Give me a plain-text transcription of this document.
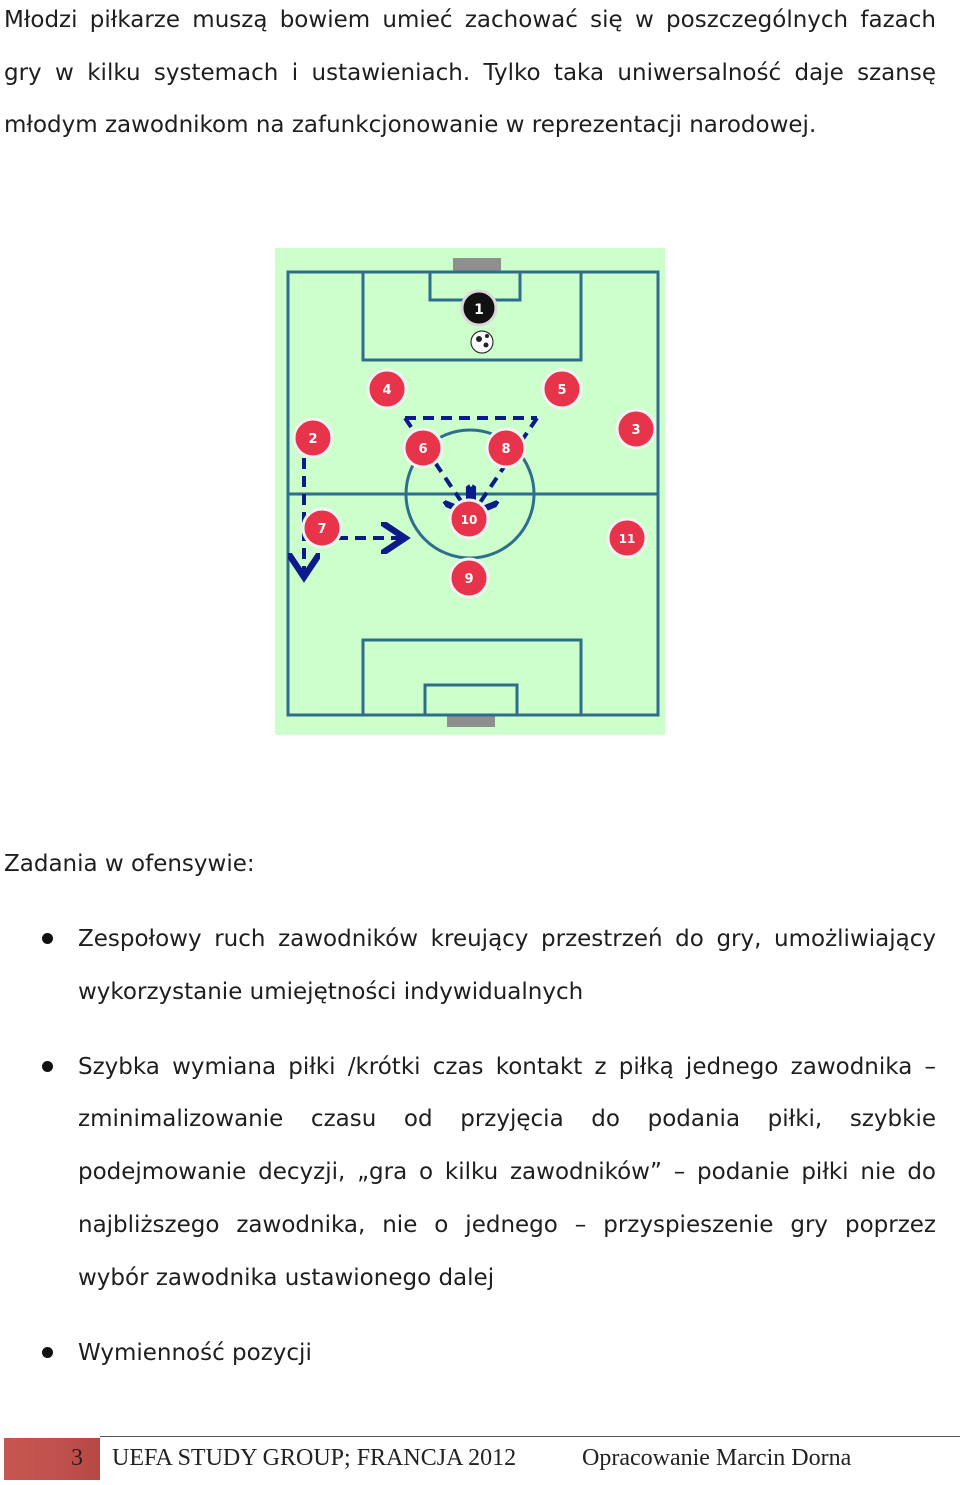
Młodzi piłkarze muszą bowiem umieć zachować się w poszczególnych fazach gry w kilku systemach i ustawieniach. Tylko taka uniwersalność daje szansę młodym zawodnikom na zafunkcjonowanie w reprezentacji narodowej.

1
4	5
2
6	8
3
10
7
11
9
Zadania w ofensywie:
Zespołowy ruch zawodników kreujący przestrzeń do gry, umożliwiający wykorzystanie umiejętności indywidualnych
Szybka wymiana piłki /krótki czas kontakt z piłką jednego zawodnika – zminimalizowanie czasu od przyjęcia do podania piłki, szybkie podejmowanie decyzji, „gra o kilku zawodników” – podanie piłki nie do najbliższego zawodnika, nie o jednego – przyspieszenie gry poprzez wybór zawodnika ustawionego dalej
Wymienność pozycji
3	UEFA STUDY GROUP; FRANCJA 2012	Opracowanie Marcin Dorna
